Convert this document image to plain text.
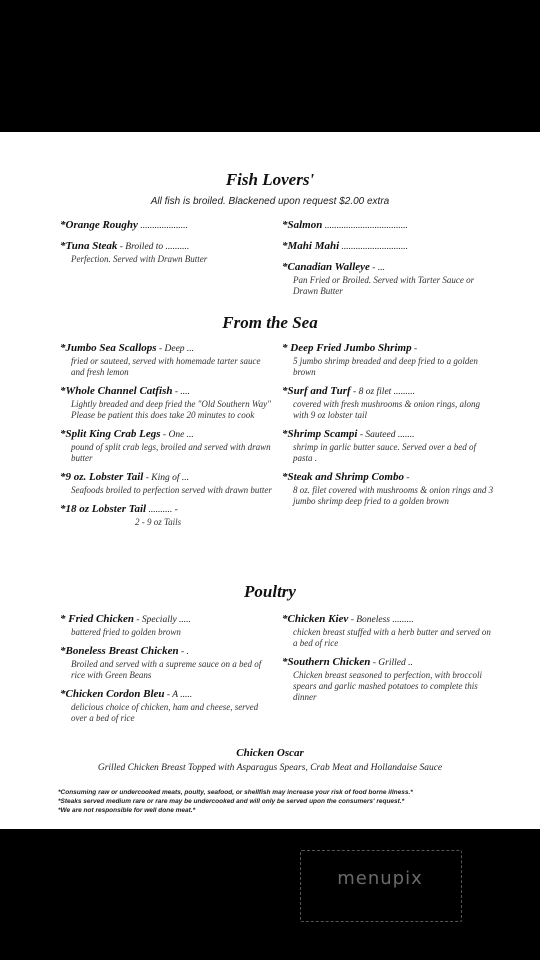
Fish Lovers'
All fish is broiled. Blackened upon request $2.00 extra
*Orange Roughy ....................
*Tuna Steak - Broiled to ..........
Perfection. Served with Drawn Butter
*Salmon ...................................
*Mahi Mahi ............................
*Canadian Walleye - ...
Pan Fried or Broiled. Served with Tarter Sauce or Drawn Butter
From the Sea
*Jumbo Sea Scallops - Deep ...
fried or sauteed, served with homemade tarter sauce and fresh lemon
*Whole Channel Catfish - ....
Lightly breaded and deep fried the "Old Southern Way" Please be patient this does take 20 minutes to cook
*Split King Crab Legs - One ...
pound of split crab legs, broiled and served with drawn butter
*9 oz. Lobster Tail - King of ...
Seafoods broiled to perfection served with drawn butter
*18 oz Lobster Tail .......... -
2 - 9 oz Tails
* Deep Fried Jumbo Shrimp -
5 jumbo shrimp breaded and deep fried to a golden brown
*Surf and Turf - 8 oz filet .........
covered with fresh mushrooms & onion rings, along with 9 oz lobster tail
*Shrimp Scampi - Sauteed .......
shrimp in garlic butter sauce. Served over a bed of pasta .
*Steak and Shrimp Combo -
8 oz. filet covered with mushrooms & onion rings and 3 jumbo shrimp deep fried to a golden brown
Poultry
* Fried Chicken - Specially .....
battered fried to golden brown
*Boneless Breast Chicken - .
Broiled and served with a supreme sauce on a bed of rice with Green Beans
*Chicken Cordon Bleu - A .....
delicious choice of chicken, ham and cheese, served over a bed of rice
*Chicken Kiev - Boneless .........
chicken breast stuffed with a herb butter and served on a bed of rice
*Southern Chicken - Grilled ..
Chicken breast seasoned to perfection, with broccoli spears and garlic mashed potatoes to complete this dinner
Chicken Oscar
Grilled Chicken Breast Topped with Asparagus Spears, Crab Meat and Hollandaise Sauce
*Consuming raw or undercooked meats, poulty, seafood, or shellfish may increase your risk of food borne illness.*
*Steaks served medium rare or rare may be undercooked and will only be served upon the consumers' request.*
*We are not responsible for well done meat.*
menupix
